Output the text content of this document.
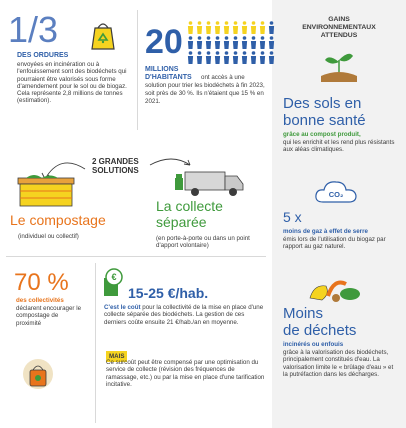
1/3
DES ORDURES
envoyées en incinération ou à l'enfouissement sont des biodéchets qui pourraient être valorisés sous forme d'amendement pour le sol ou de biogaz. Cela représente 2,8 millions de tonnes (estimation).
20
MILLIONS
D'HABITANTS	ont accès à une solution pour trier les biodéchets à fin 2023, soit près de 30 %. Ils n'étaient que 15 % en 2021.
2 GRANDES
SOLUTIONS
Le compostage
(individuel ou collectif)
La collecte
séparée
(en porte-à-porte ou dans un point d'apport volontaire)
70 %
des collectivités
déclarent encourager le compostage de proximité
€
15-25 €/hab.
C'est le coût pour la collectivité de la mise en place d'une collecte séparée des biodéchets. La gestion de ces derniers coûte ensuite 21 €/hab./an en moyenne.
MAIS
Ce surcoût peut être compensé par une optimisation du service de collecte (révision des fréquences de ramassage, etc.) ou par la mise en place d'une tarification incitative.
GAINS
ENVIRONNEMENTAUX
ATTENDUS
Des sols en
bonne santé
grâce au compost produit,
qui les enrichit et les rend plus résistants aux aléas climatiques.
CO₂
5 x
moins de gaz à effet de serre
émis lors de l'utilisation du biogaz par rapport au gaz naturel.
Moins
de déchets
incinérés ou enfouis
grâce à la valorisation des biodéchets, principalement constitués d'eau. La valorisation limite le « brûlage d'eau » et la putréfaction dans les décharges.
